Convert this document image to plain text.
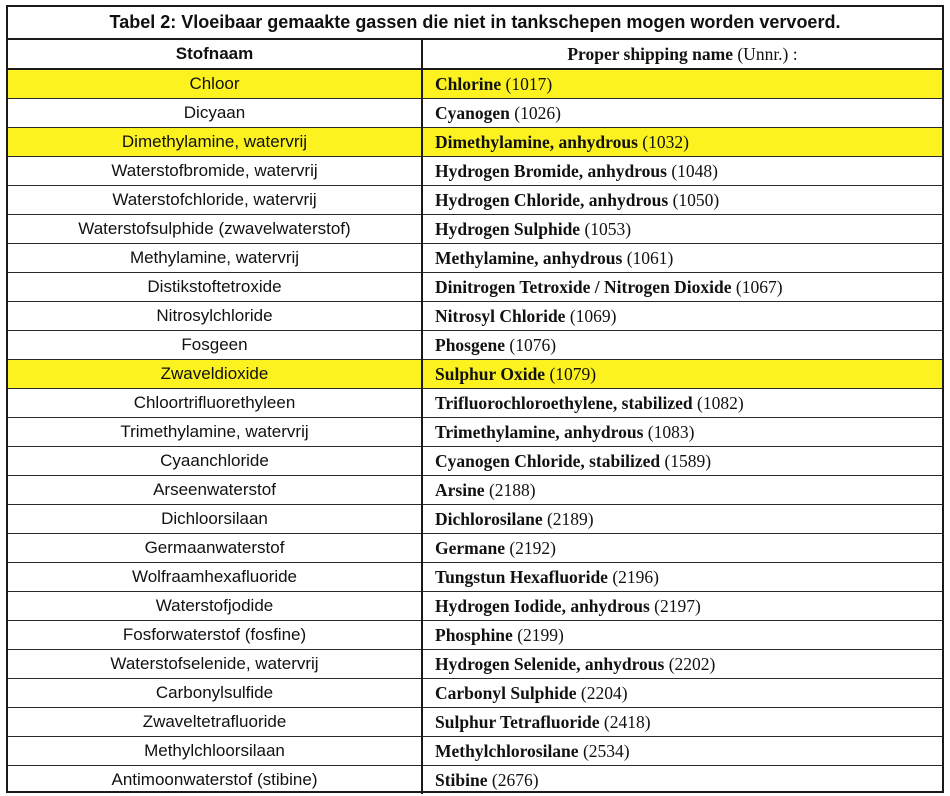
Tabel 2: Vloeibaar gemaakte gassen die niet in tankschepen mogen worden vervoerd.
Stofnaam	Proper shipping name (Unnr.) :
Chloor	Chlorine (1017)
Dicyaan	Cyanogen (1026)
Dimethylamine, watervrij	Dimethylamine, anhydrous (1032)
Waterstofbromide, watervrij	Hydrogen Bromide, anhydrous (1048)
Waterstofchloride, watervrij	Hydrogen Chloride, anhydrous (1050)
Waterstofsulphide (zwavelwaterstof)	Hydrogen Sulphide (1053)
Methylamine, watervrij	Methylamine, anhydrous (1061)
Distikstoftetroxide	Dinitrogen Tetroxide / Nitrogen Dioxide (1067)
Nitrosylchloride	Nitrosyl Chloride (1069)
Fosgeen	Phosgene (1076)
Zwaveldioxide	Sulphur Oxide (1079)
Chloortrifluorethyleen	Trifluorochloroethylene, stabilized (1082)
Trimethylamine, watervrij	Trimethylamine, anhydrous (1083)
Cyaanchloride	Cyanogen Chloride, stabilized (1589)
Arseenwaterstof	Arsine (2188)
Dichloorsilaan	Dichlorosilane (2189)
Germaanwaterstof	Germane (2192)
Wolfraamhexafluoride	Tungstun Hexafluoride (2196)
Waterstofjodide	Hydrogen Iodide, anhydrous (2197)
Fosforwaterstof (fosfine)	Phosphine (2199)
Waterstofselenide, watervrij	Hydrogen Selenide, anhydrous (2202)
Carbonylsulfide	Carbonyl Sulphide (2204)
Zwaveltetrafluoride	Sulphur Tetrafluoride (2418)
Methylchloorsilaan	Methylchlorosilane (2534)
Antimoonwaterstof (stibine)	Stibine (2676)
